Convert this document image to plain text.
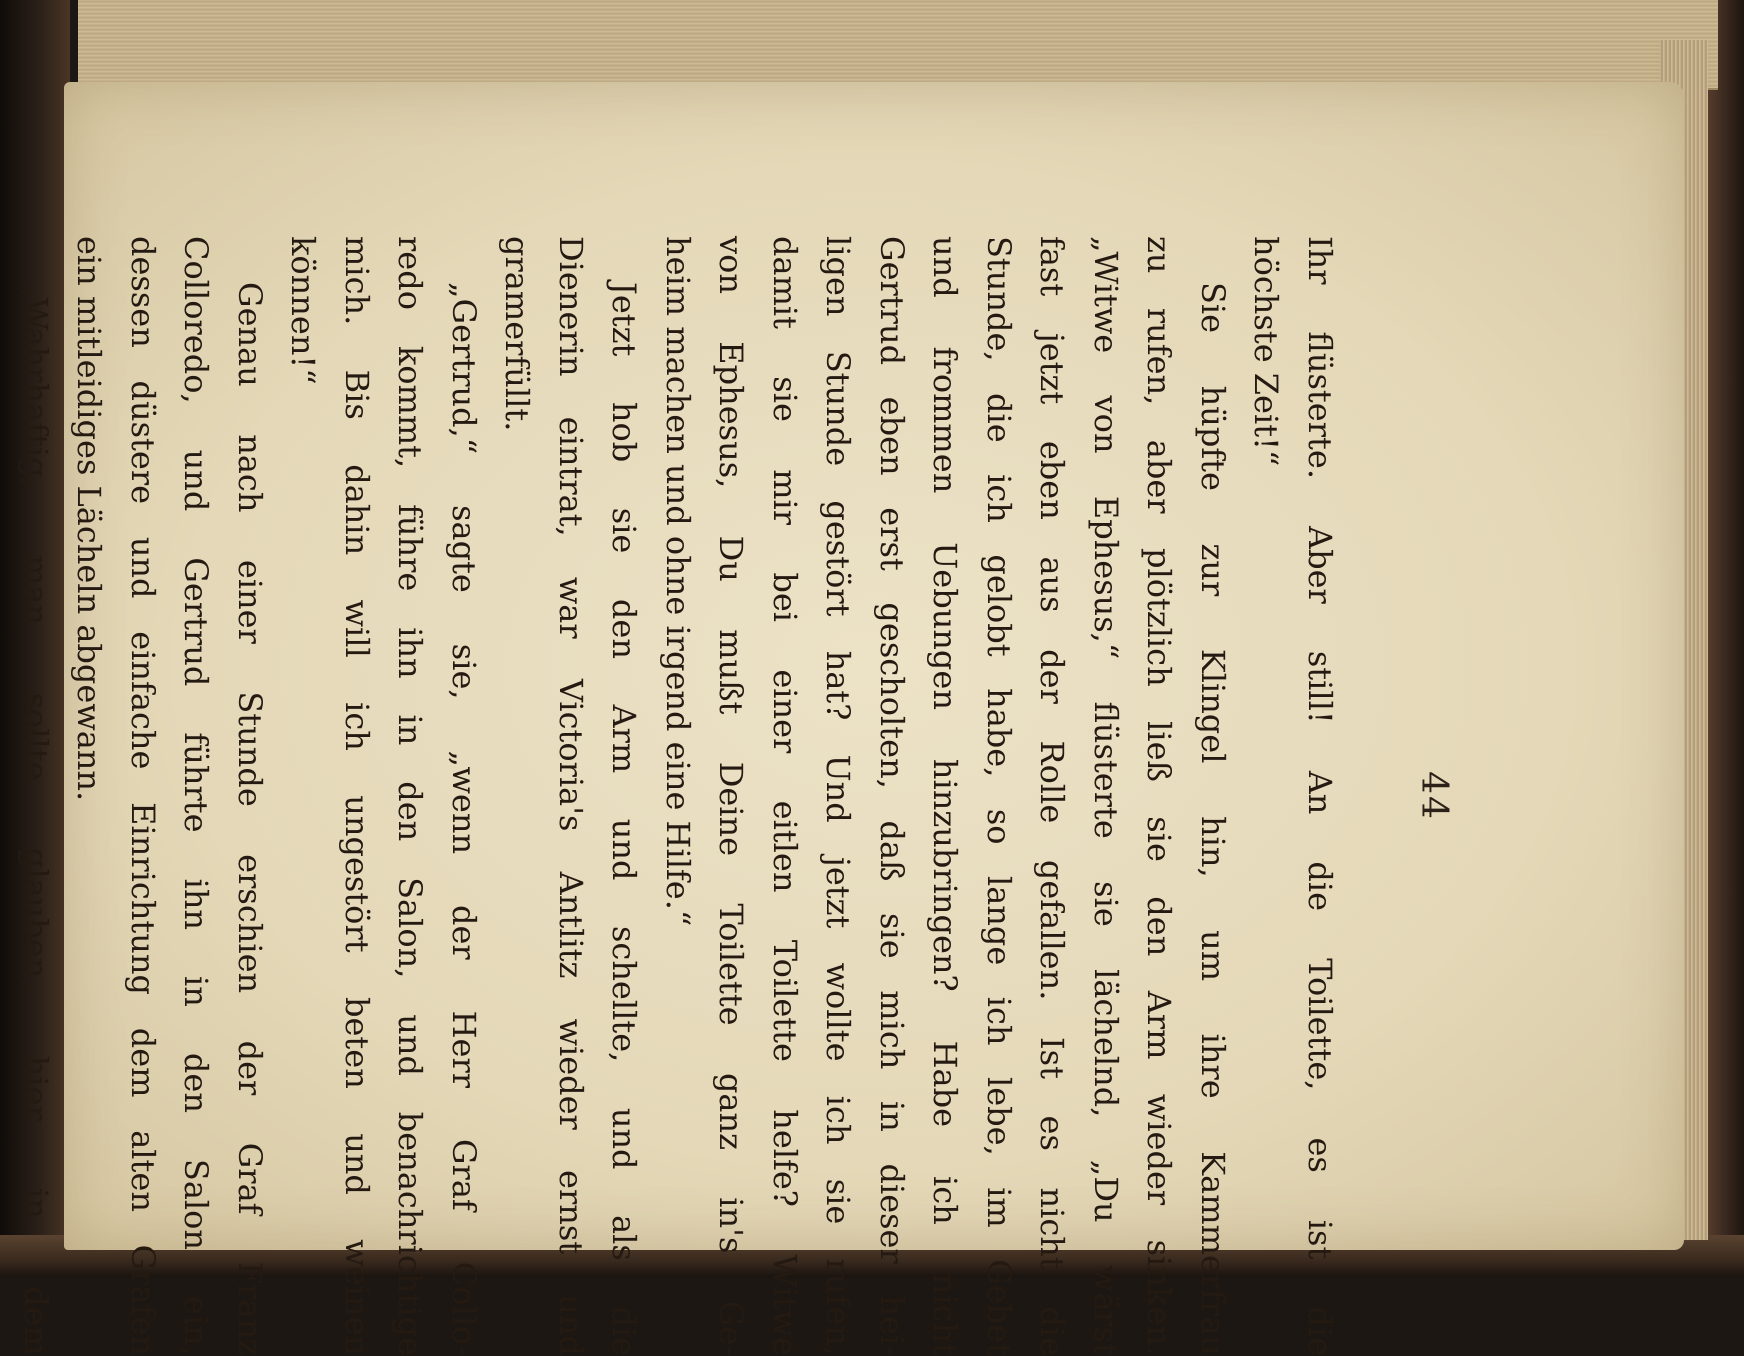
44
Ihr flüsterte. Aber still! An die Toilette, es ist die
höchste Zeit!“
Sie hüpfte zur Klingel hin, um ihre Kammerfrau
zu rufen, aber plötzlich ließ sie den Arm wieder sinken.
„Witwe von Ephesus,“ flüsterte sie lächelnd, „Du wärst
fast jetzt eben aus der Rolle gefallen. Ist es nicht die
Stunde, die ich gelobt habe, so lange ich lebe, im Gebet
und frommen Uebungen hinzubringen? Habe ich nicht
Gertrud eben erst gescholten, daß sie mich in dieser hei-
ligen Stunde gestört hat? Und jetzt wollte ich sie rufen,
damit sie mir bei einer eitlen Toilette helfe? Witwe
von Ephesus, Du mußt Deine Toilette ganz in's Ge-
heim machen und ohne irgend eine Hilfe.“
Jetzt hob sie den Arm und schellte, und als die
Dienerin eintrat, war Victoria's Antlitz wieder ernst und
gramerfüllt.
„Gertrud,“ sagte sie, „wenn der Herr Graf Collo-
redo kommt, führe ihn in den Salon, und benachrichtige
mich. Bis dahin will ich ungestört beten und weinen
können!“
Genau nach einer Stunde erschien der Graf Franz
Colloredo, und Gertrud führte ihn in den Salon ein,
dessen düstere und einfache Einrichtung dem alten Grafen
ein mitleidiges Lächeln abgewann.
„Wahrhaftig, man sollte glauben, hier in dem
